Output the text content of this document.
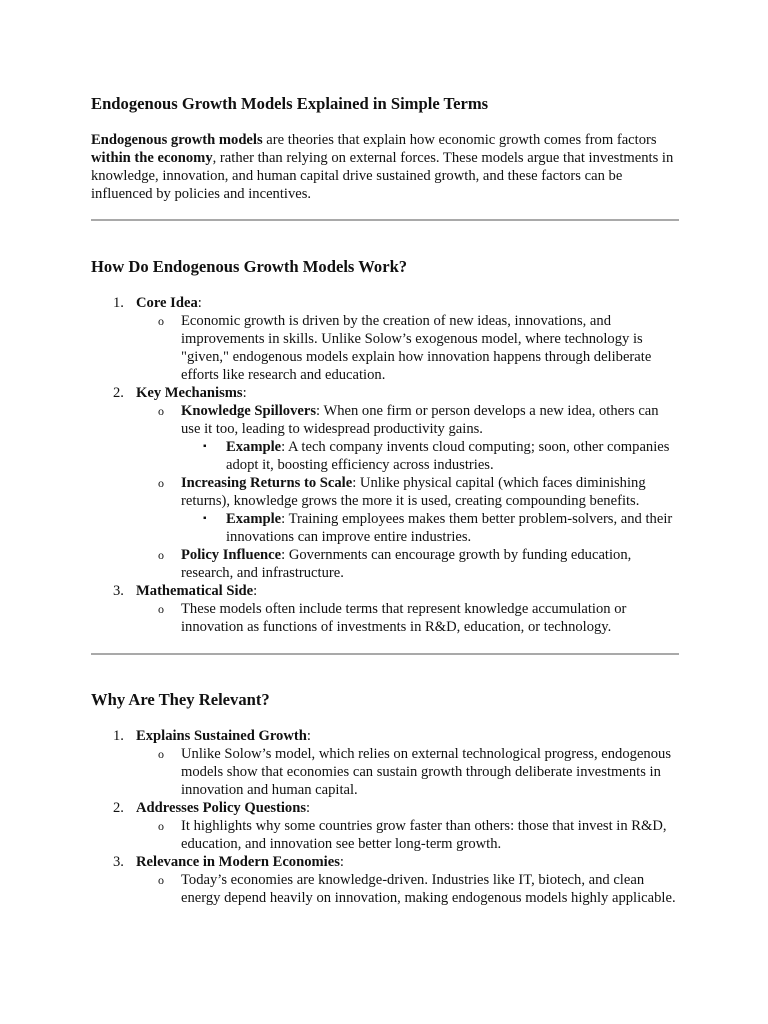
Endogenous Growth Models Explained in Simple Terms

Endogenous growth models are theories that explain how economic growth comes from factors within the economy, rather than relying on external forces. These models argue that investments in knowledge, innovation, and human capital drive sustained growth, and these factors can be influenced by policies and incentives.

How Do Endogenous Growth Models Work?
1. Core Idea:
o Economic growth is driven by the creation of new ideas, innovations, and improvements in skills. Unlike Solow’s exogenous model, where technology is "given," endogenous models explain how innovation happens through deliberate efforts like research and education.
2. Key Mechanisms:
o Knowledge Spillovers: When one firm or person develops a new idea, others can use it too, leading to widespread productivity gains.
▪ Example: A tech company invents cloud computing; soon, other companies adopt it, boosting efficiency across industries.
o Increasing Returns to Scale: Unlike physical capital (which faces diminishing returns), knowledge grows the more it is used, creating compounding benefits.
▪ Example: Training employees makes them better problem-solvers, and their innovations can improve entire industries.
o Policy Influence: Governments can encourage growth by funding education, research, and infrastructure.
3. Mathematical Side:
o These models often include terms that represent knowledge accumulation or innovation as functions of investments in R&D, education, or technology.
Why Are They Relevant?
1. Explains Sustained Growth:
o Unlike Solow’s model, which relies on external technological progress, endogenous models show that economies can sustain growth through deliberate investments in innovation and human capital.
2. Addresses Policy Questions:
o It highlights why some countries grow faster than others: those that invest in R&D, education, and innovation see better long-term growth.
3. Relevance in Modern Economies:
o Today’s economies are knowledge-driven. Industries like IT, biotech, and clean energy depend heavily on innovation, making endogenous models highly applicable.
